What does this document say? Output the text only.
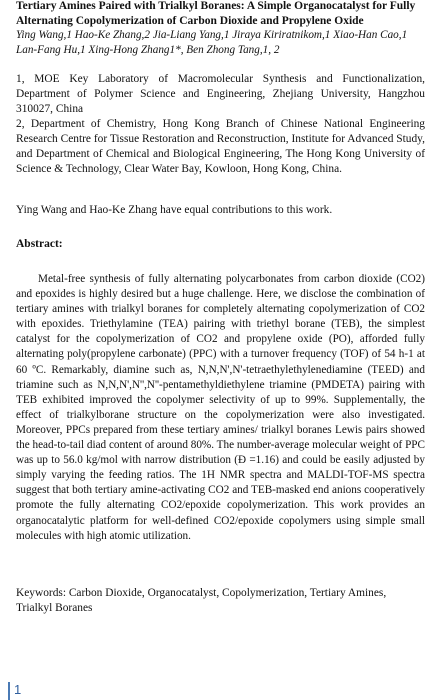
Tertiary Amines Paired with Trialkyl Boranes: A Simple Organocatalyst for Fully Alternating Copolymerization of Carbon Dioxide and Propylene Oxide

Ying Wang,1 Hao-Ke Zhang,2 Jia-Liang Yang,1 Jiraya Kiriratnikom,1 Xiao-Han Cao,1 Lan-Fang Hu,1 Xing-Hong Zhang1*, Ben Zhong Tang,1, 2

1, MOE Key Laboratory of Macromolecular Synthesis and Functionalization, Department of Polymer Science and Engineering, Zhejiang University, Hangzhou 310027, China

2, Department of Chemistry, Hong Kong Branch of Chinese National Engineering Research Centre for Tissue Restoration and Reconstruction, Institute for Advanced Study, and Department of Chemical and Biological Engineering, The Hong Kong University of Science & Technology, Clear Water Bay, Kowloon, Hong Kong, China.

Ying Wang and Hao-Ke Zhang have equal contributions to this work.

Abstract:

Metal-free synthesis of fully alternating polycarbonates from carbon dioxide (CO2) and epoxides is highly desired but a huge challenge. Here, we disclose the combination of tertiary amines with trialkyl boranes for completely alternating copolymerization of CO2 with epoxides. Triethylamine (TEA) pairing with triethyl borane (TEB), the simplest catalyst for the copolymerization of CO2 and propylene oxide (PO), afforded fully alternating poly(propylene carbonate) (PPC) with a turnover frequency (TOF) of 54 h-1 at 60 ºC. Remarkably, diamine such as, N,N,N',N'-tetraethylethylenediamine (TEED) and triamine such as N,N,N',N'',N''-pentamethyldiethylene triamine (PMDETA) pairing with TEB exhibited improved the copolymer selectivity of up to 99%. Supplementally, the effect of trialkylborane structure on the copolymerization were also investigated. Moreover, PPCs prepared from these tertiary amines/ trialkyl boranes Lewis pairs showed the head-to-tail diad content of around 80%. The number-average molecular weight of PPC was up to 56.0 kg/mol with narrow distribution (Đ =1.16) and could be easily adjusted by simply varying the feeding ratios. The 1H NMR spectra and MALDI-TOF-MS spectra suggest that both tertiary amine-activating CO2 and TEB-masked end anions cooperatively promote the fully alternating CO2/epoxide copolymerization. This work provides an organocatalytic platform for well-defined CO2/epoxide copolymers using simple small molecules with high atomic utilization.

Keywords: Carbon Dioxide, Organocatalyst, Copolymerization, Tertiary Amines, Trialkyl Boranes

1
